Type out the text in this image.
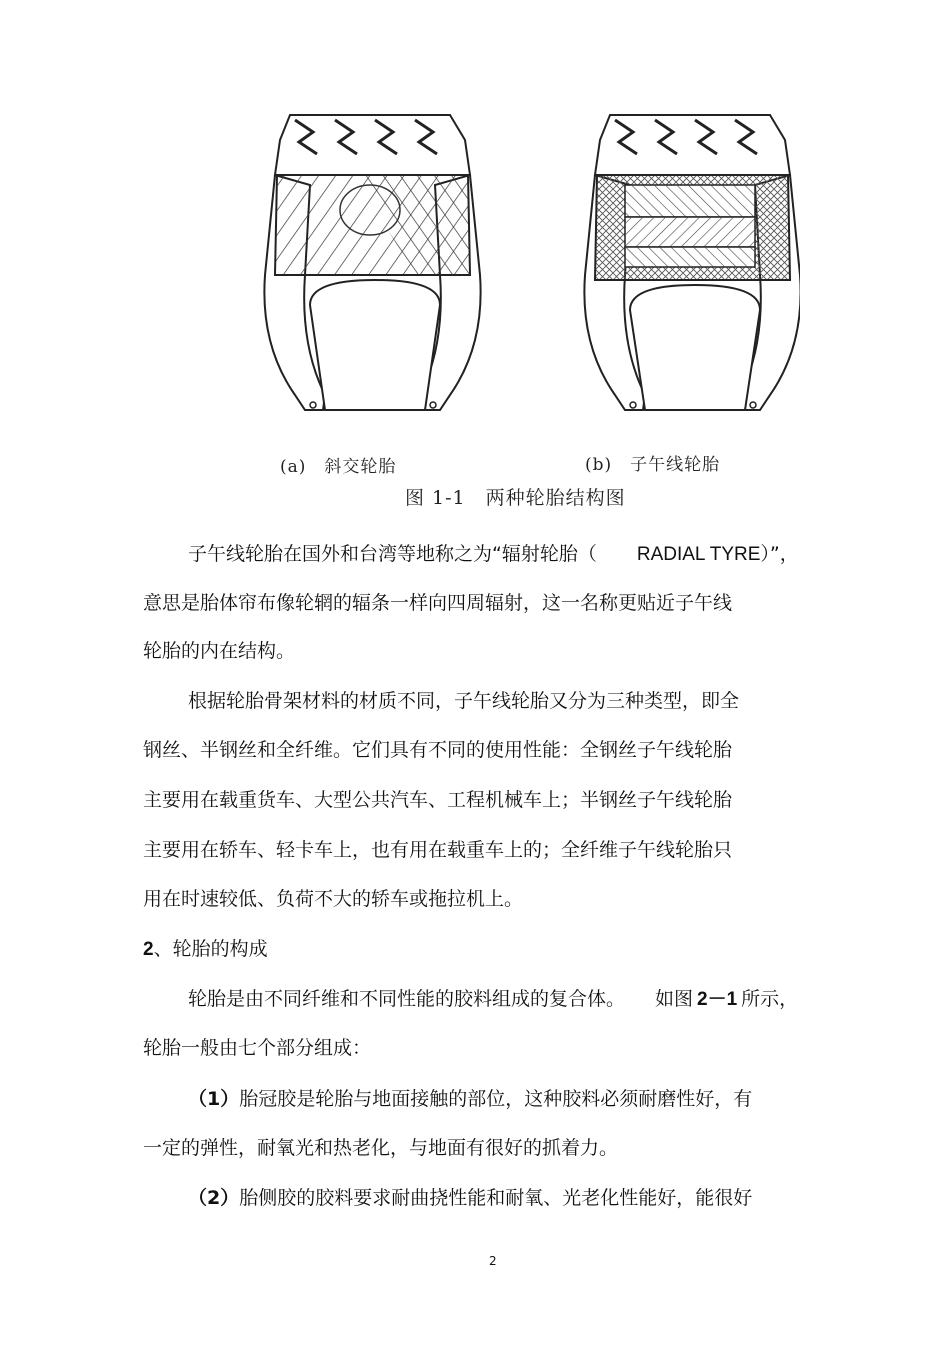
(a)　斜交轮胎	(b)　子午线轮胎
图 1-1　两种轮胎结构图
子午线轮胎在国外和台湾等地称之为“辐射轮胎（ RADIAL TYRE）”，
意思是胎体帘布像轮辋的辐条一样向四周辐射，这一名称更贴近子午线
轮胎的内在结构。
根据轮胎骨架材料的材质不同，子午线轮胎又分为三种类型，即全
钢丝、半钢丝和全纤维。它们具有不同的使用性能：全钢丝子午线轮胎
主要用在载重货车、大型公共汽车、工程机械车上；半钢丝子午线轮胎
主要用在轿车、轻卡车上，也有用在载重车上的；全纤维子午线轮胎只
用在时速较低、负荷不大的轿车或拖拉机上。
2、轮胎的构成
轮胎是由不同纤维和不同性能的胶料组成的复合体。 如图 2－1 所示，
轮胎一般由七个部分组成：
（1）胎冠胶是轮胎与地面接触的部位，这种胶料必须耐磨性好，有
一定的弹性，耐氧光和热老化，与地面有很好的抓着力。
（2）胎侧胶的胶料要求耐曲挠性能和耐氧、光老化性能好，能很好
2
